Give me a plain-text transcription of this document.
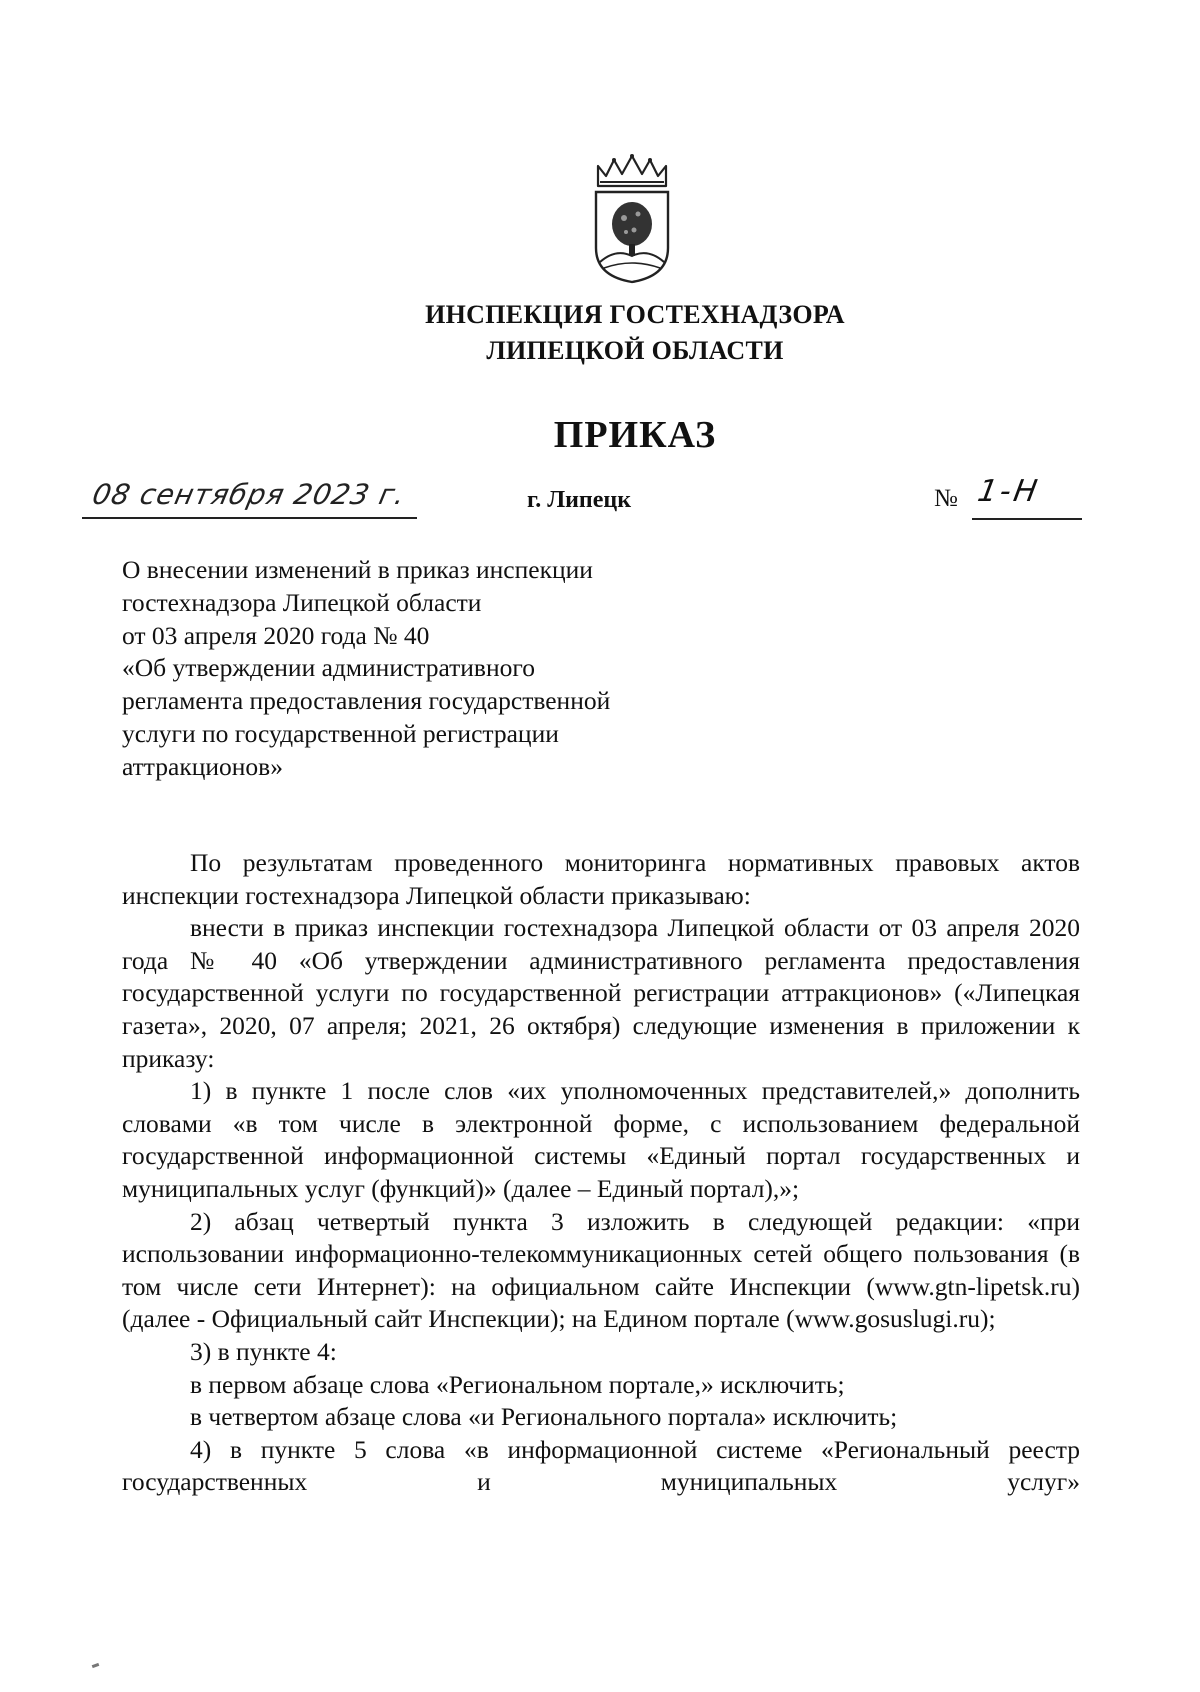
ИНСПЕКЦИЯ ГОСТЕХНАДЗОРА
ЛИПЕЦКОЙ ОБЛАСТИ
ПРИКАЗ
08 сентября 2023 г.	г. Липецк	№ 1-Н
О внесении изменений в приказ инспекции
гостехнадзора Липецкой области
от 03 апреля 2020 года № 40
«Об утверждении административного
регламента предоставления государственной
услуги по государственной регистрации
аттракционов»

По результатам проведенного мониторинга нормативных правовых актов инспекции гостехнадзора Липецкой области приказываю:

внести в приказ инспекции гостехнадзора Липецкой области от 03 апреля 2020 года № 40 «Об утверждении административного регламента предоставления государственной услуги по государственной регистрации аттракционов» («Липецкая газета», 2020, 07 апреля; 2021, 26 октября) следующие изменения в приложении к приказу:

1) в пункте 1 после слов «их уполномоченных представителей,» дополнить словами «в том числе в электронной форме, с использованием федеральной государственной информационной системы «Единый портал государственных и муниципальных услуг (функций)» (далее – Единый портал),»;

2) абзац четвертый пункта 3 изложить в следующей редакции: «при использовании информационно-телекоммуникационных сетей общего пользования (в том числе сети Интернет): на официальном сайте Инспекции (www.gtn-lipetsk.ru) (далее - Официальный сайт Инспекции); на Едином портале (www.gosuslugi.ru);

3) в пункте 4:

в первом абзаце слова «Региональном портале,» исключить;

в четвертом абзаце слова «и Регионального портала» исключить;

4) в пункте 5 слова «в информационной системе «Региональный реестр государственных и муниципальных услуг»
